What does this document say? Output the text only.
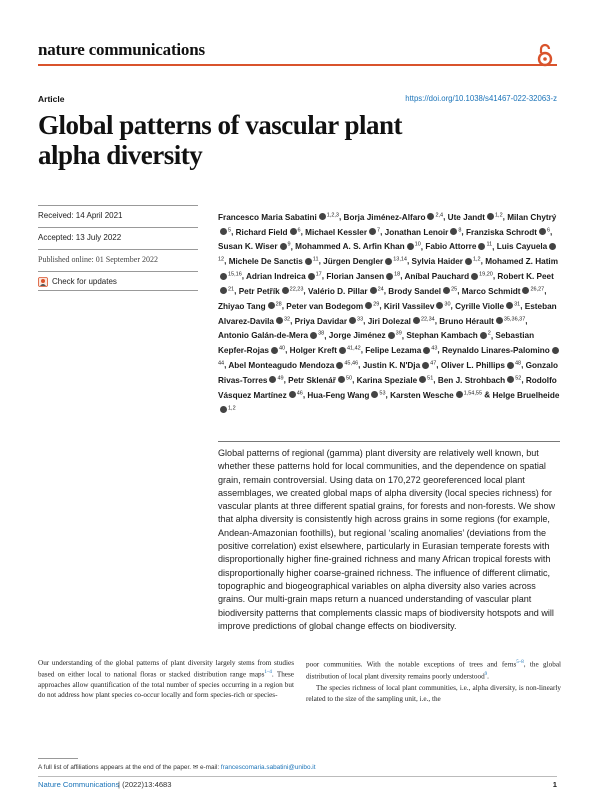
nature communications
Article	https://doi.org/10.1038/s41467-022-32063-z
Global patterns of vascular plant alpha diversity
Received: 14 April 2021
Accepted: 13 July 2022
Published online: 01 September 2022
Check for updates
Francesco Maria Sabatini $^{1,2,3}$, Borja Jiménez-Alfaro $^{2,4}$, Ute Jandt $^{1,2}$, Milan Chytrý$^5$, Richard Field $^6$, Michael Kessler $^7$, Jonathan Lenoir $^8$, Franziska Schrodt $^6$, Susan K. Wiser $^9$, Mohammed A. S. Arfin Khan $^{10}$, Fabio Attorre $^{11}$, Luis Cayuela$^{12}$, Michele De Sanctis $^{11}$, Jürgen Dengler $^{13,14}$, Sylvia Haider $^{1,2}$, Mohamed Z. Hatim$^{15,16}$, Adrian Indreica $^{17}$, Florian Jansen $^{18}$, Aníbal Pauchard $^{19,20}$, Robert K. Peet$^{21}$, Petr Petřík $^{22,23}$, Valério D. Pillar $^{24}$, Brody Sandel $^{25}$, Marco Schmidt $^{26,27}$, Zhiyao Tang $^{28}$, Peter van Bodegom $^{29}$, Kiril Vassilev $^{30}$, Cyrille Violle $^{31}$, Esteban Alvarez-Davila $^{32}$, Priya Davidar $^{33}$, Jiri Dolezal $^{22,34}$, Bruno Hérault $^{35,36,37}$, Antonio Galán-de-Mera $^{38}$, Jorge Jiménez $^{39}$, Stephan Kambach $^2$, Sebastian Kepfer-Rojas $^{40}$, Holger Kreft $^{41,42}$, Felipe Lezama $^{43}$, Reynaldo Linares-Palomino$^{44}$, Abel Monteagudo Mendoza $^{45,46}$, Justin K. N'Dja $^{47}$, Oliver L. Phillips $^{48}$, Gonzalo Rivas-Torres $^{49}$, Petr Sklenář $^{50}$, Karina Speziale $^{51}$, Ben J. Strohbach $^{52}$, Rodolfo Vásquez Martínez $^{46}$, Hua-Feng Wang $^{53}$, Karsten Wesche $^{1,54,55}$ & Helge Bruelheide$^{1,2}$

Global patterns of regional (gamma) plant diversity are relatively well known, but whether these patterns hold for local communities, and the dependence on spatial grain, remain controversial. Using data on 170,272 georeferenced local plant assemblages, we created global maps of alpha diversity (local species richness) for vascular plants at three different spatial grains, for forests and non-forests. We show that alpha diversity is consistently high across grains in some regions (for example, Andean-Amazonian foothills), but regional ‘scaling anomalies’ (deviations from the positive correlation) exist elsewhere, particularly in Eurasian temperate forests with disproportionally higher fine-grained richness and many African tropical forests with disproportionally higher coarse-grained richness. The influence of different climatic, topographic and biogeographical variables on alpha diversity also varies across grains. Our multi-grain maps return a nuanced understanding of vascular plant biodiversity patterns that complements classic maps of biodiversity hotspots and will improve predictions of global change effects on biodiversity.

Our understanding of the global patterns of plant diversity largely stems from studies based on either local to national floras or stacked distribution range maps$^{1-4}$. These approaches allow quantification of the total number of species occurring in a region but do not address how plant species co-occur locally and form species-rich or species-

poor communities. With the notable exceptions of trees and ferns$^{5-8}$, the global distribution of local plant diversity remains poorly understood$^9$.

The species richness of local plant communities, i.e., alpha diversity, is non-linearly related to the size of the sampling unit, i.e., the

A full list of affiliations appears at the end of the paper. ✉ e-mail: francescomaria.sabatini@unibo.it
Nature Communications
| (2022)13:4683	1
